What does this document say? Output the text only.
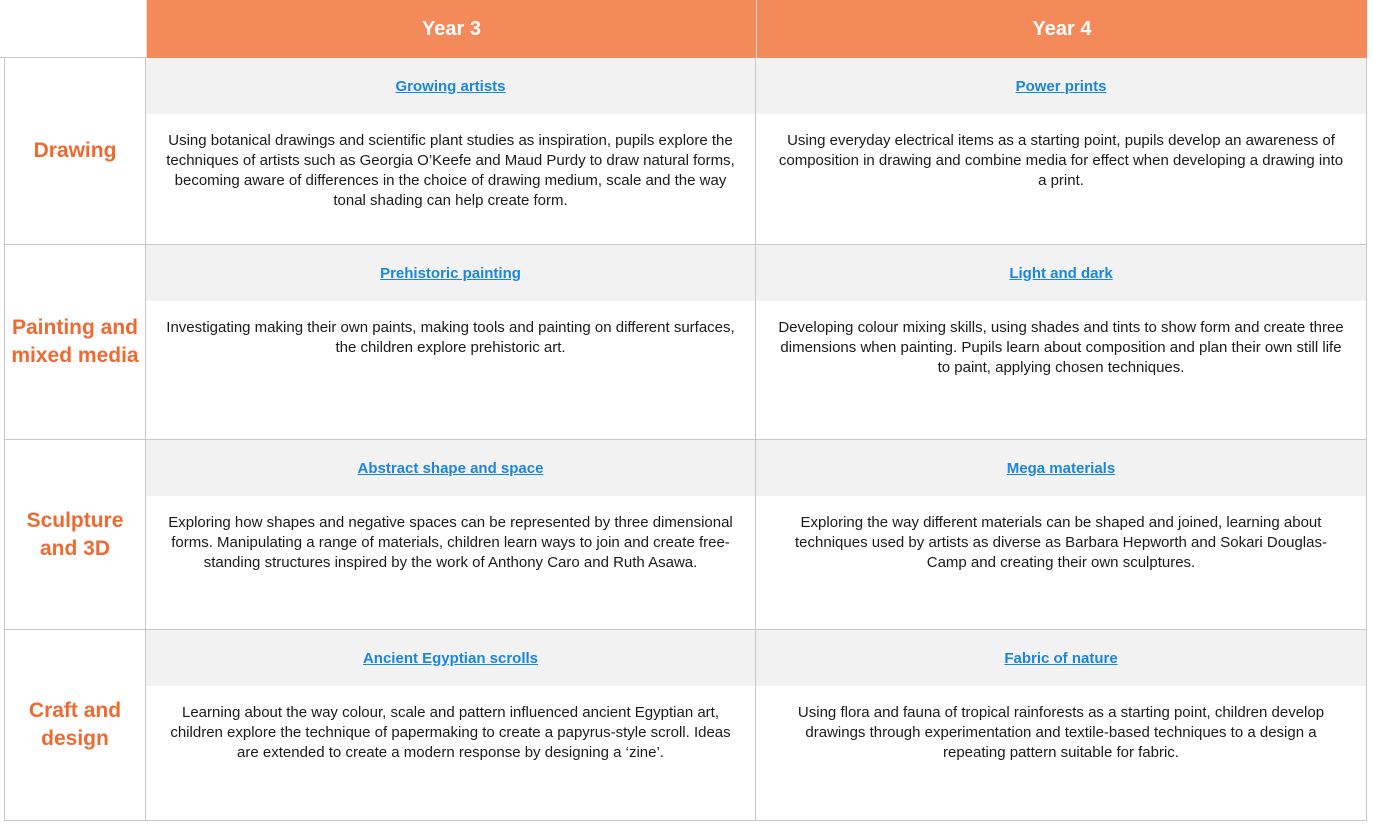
Year 3	Year 4
Drawing
Growing artists
Using botanical drawings and scientific plant studies as inspiration, pupils explore the techniques of artists such as Georgia O’Keefe and Maud Purdy to draw natural forms, becoming aware of differences in the choice of drawing medium, scale and the way tonal shading can help create form.
Power prints
Using everyday electrical items as a starting point, pupils develop an awareness of composition in drawing and combine media for effect when developing a drawing into a print.
Painting and mixed media
Prehistoric painting
Investigating making their own paints, making tools and painting on different surfaces, the children explore prehistoric art.
Light and dark
Developing colour mixing skills, using shades and tints to show form and create three dimensions when painting. Pupils learn about composition and plan their own still life to paint, applying chosen techniques.
Sculpture and 3D
Abstract shape and space
Exploring how shapes and negative spaces can be represented by three dimensional forms. Manipulating a range of materials, children learn ways to join and create free-standing structures inspired by the work of Anthony Caro and Ruth Asawa.
Mega materials
Exploring the way different materials can be shaped and joined, learning about techniques used by artists as diverse as Barbara Hepworth and Sokari Douglas-Camp and creating their own sculptures.
Craft and design
Ancient Egyptian scrolls
Learning about the way colour, scale and pattern influenced ancient Egyptian art, children explore the technique of papermaking to create a papyrus-style scroll. Ideas are extended to create a modern response by designing a ‘zine’.
Fabric of nature
Using flora and fauna of tropical rainforests as a starting point, children develop drawings through experimentation and textile-based techniques to a design a repeating pattern suitable for fabric.
